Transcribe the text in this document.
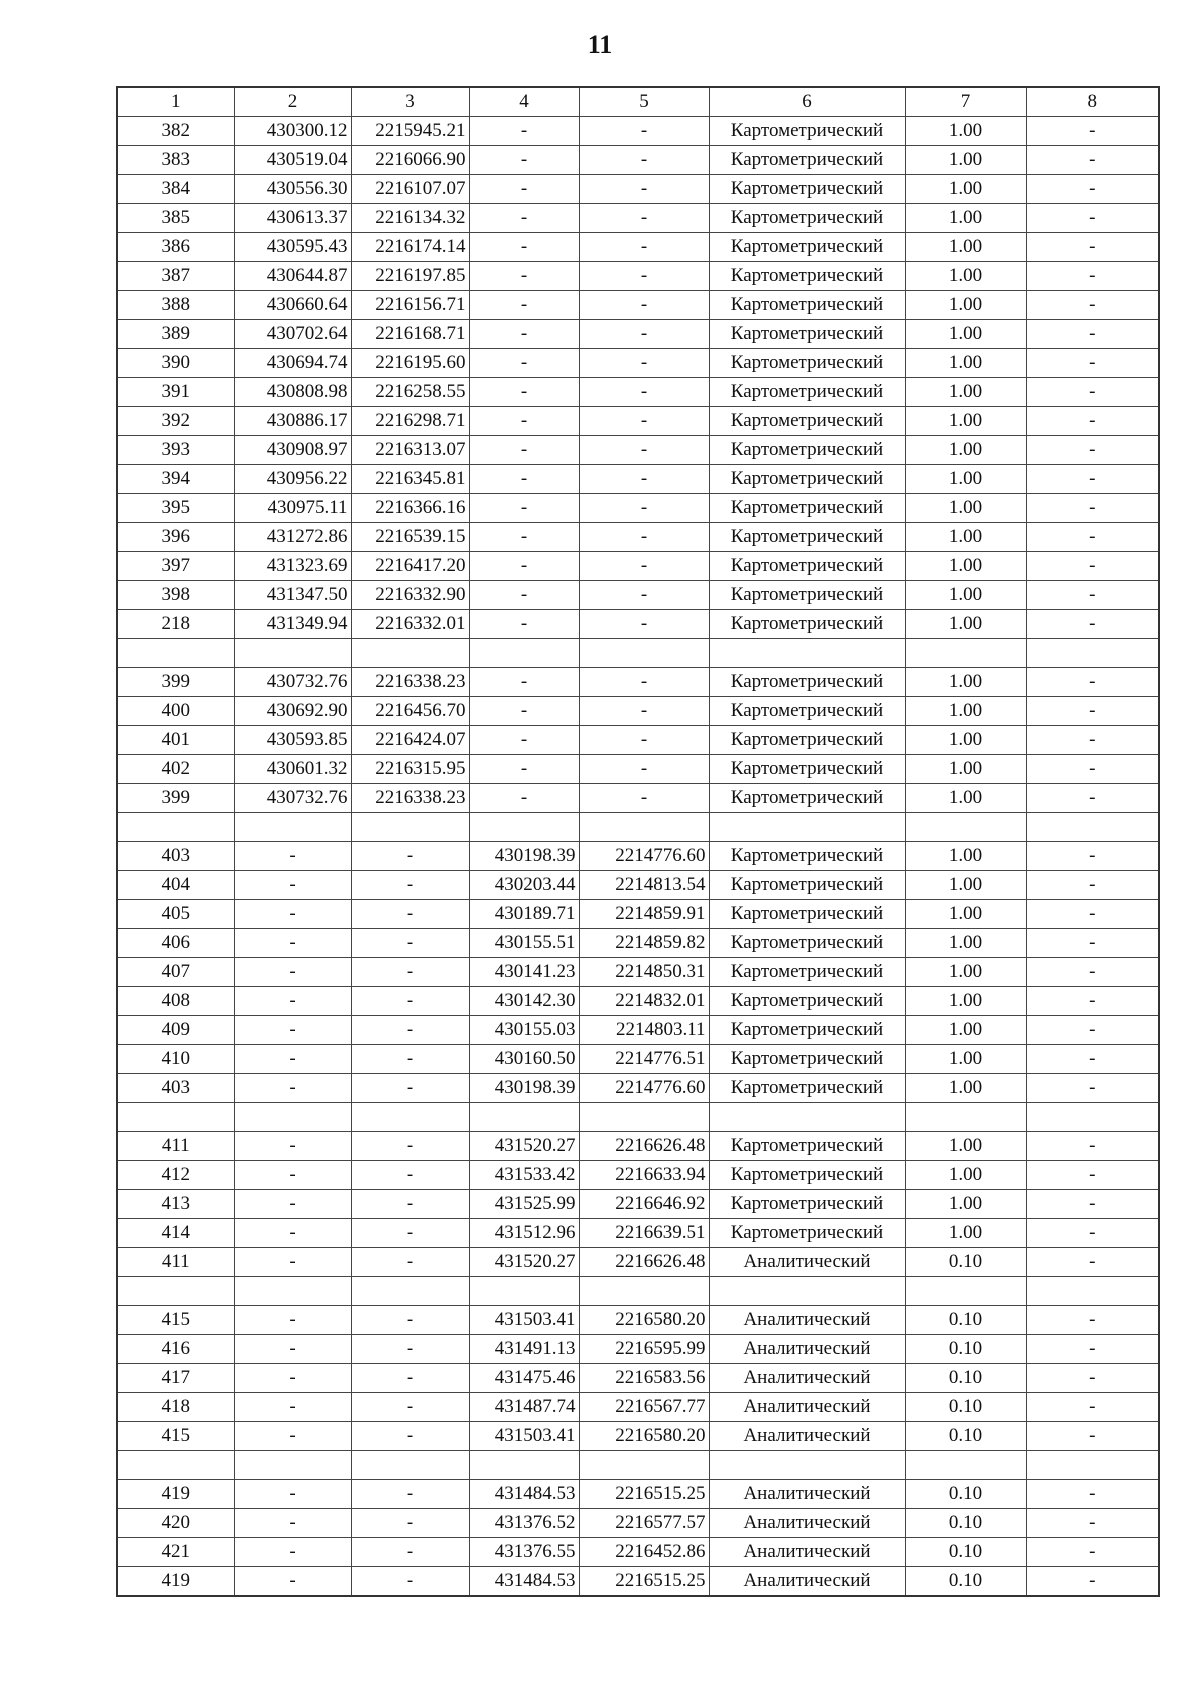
11
1	2	3	4	5	6	7	8
382	430300.12	2215945.21	-	-	Картометрический	1.00	-
383	430519.04	2216066.90	-	-	Картометрический	1.00	-
384	430556.30	2216107.07	-	-	Картометрический	1.00	-
385	430613.37	2216134.32	-	-	Картометрический	1.00	-
386	430595.43	2216174.14	-	-	Картометрический	1.00	-
387	430644.87	2216197.85	-	-	Картометрический	1.00	-
388	430660.64	2216156.71	-	-	Картометрический	1.00	-
389	430702.64	2216168.71	-	-	Картометрический	1.00	-
390	430694.74	2216195.60	-	-	Картометрический	1.00	-
391	430808.98	2216258.55	-	-	Картометрический	1.00	-
392	430886.17	2216298.71	-	-	Картометрический	1.00	-
393	430908.97	2216313.07	-	-	Картометрический	1.00	-
394	430956.22	2216345.81	-	-	Картометрический	1.00	-
395	430975.11	2216366.16	-	-	Картометрический	1.00	-
396	431272.86	2216539.15	-	-	Картометрический	1.00	-
397	431323.69	2216417.20	-	-	Картометрический	1.00	-
398	431347.50	2216332.90	-	-	Картометрический	1.00	-
218	431349.94	2216332.01	-	-	Картометрический	1.00	-

399	430732.76	2216338.23	-	-	Картометрический	1.00	-
400	430692.90	2216456.70	-	-	Картометрический	1.00	-
401	430593.85	2216424.07	-	-	Картометрический	1.00	-
402	430601.32	2216315.95	-	-	Картометрический	1.00	-
399	430732.76	2216338.23	-	-	Картометрический	1.00	-

403	-	-	430198.39	2214776.60	Картометрический	1.00	-
404	-	-	430203.44	2214813.54	Картометрический	1.00	-
405	-	-	430189.71	2214859.91	Картометрический	1.00	-
406	-	-	430155.51	2214859.82	Картометрический	1.00	-
407	-	-	430141.23	2214850.31	Картометрический	1.00	-
408	-	-	430142.30	2214832.01	Картометрический	1.00	-
409	-	-	430155.03	2214803.11	Картометрический	1.00	-
410	-	-	430160.50	2214776.51	Картометрический	1.00	-
403	-	-	430198.39	2214776.60	Картометрический	1.00	-

411	-	-	431520.27	2216626.48	Картометрический	1.00	-
412	-	-	431533.42	2216633.94	Картометрический	1.00	-
413	-	-	431525.99	2216646.92	Картометрический	1.00	-
414	-	-	431512.96	2216639.51	Картометрический	1.00	-
411	-	-	431520.27	2216626.48	Аналитический	0.10	-

415	-	-	431503.41	2216580.20	Аналитический	0.10	-
416	-	-	431491.13	2216595.99	Аналитический	0.10	-
417	-	-	431475.46	2216583.56	Аналитический	0.10	-
418	-	-	431487.74	2216567.77	Аналитический	0.10	-
415	-	-	431503.41	2216580.20	Аналитический	0.10	-

419	-	-	431484.53	2216515.25	Аналитический	0.10	-
420	-	-	431376.52	2216577.57	Аналитический	0.10	-
421	-	-	431376.55	2216452.86	Аналитический	0.10	-
419	-	-	431484.53	2216515.25	Аналитический	0.10	-
